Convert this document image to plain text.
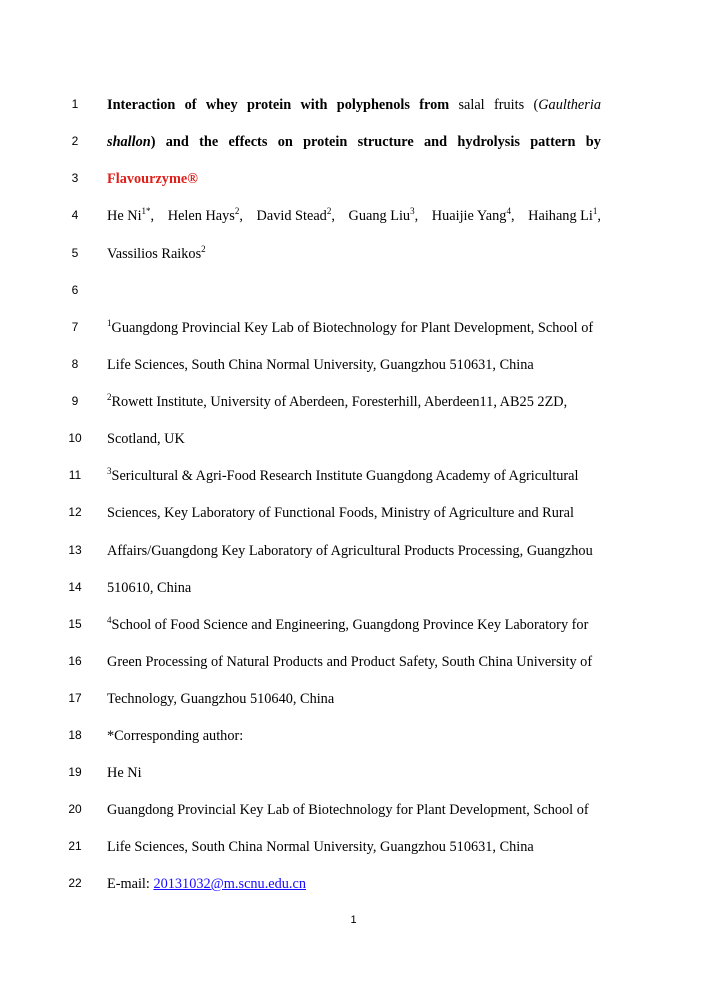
1	Interaction of whey protein with polyphenols from salal fruits (Gaultheria
2	shallon) and the effects on protein structure and hydrolysis pattern by
3	Flavourzyme®
4	He $Ni^{1*}$, Helen Hays$^2$, David Stead$^2$, Guang Liu$^3$, Huaijie Yang$^4$, Haihang Li$^1$,
5	Vassilios Raikos$^2$
6
7	$^1$Guangdong Provincial Key Lab of Biotechnology for Plant Development, School of
8	Life Sciences, South China Normal University, Guangzhou 510631, China
9	$^2$Rowett Institute, University of Aberdeen, Foresterhill, Aberdeen11, AB25 2ZD,
10	Scotland, UK
11	$^3$Sericultural & Agri-Food Research Institute Guangdong Academy of Agricultural
12	Sciences, Key Laboratory of Functional Foods, Ministry of Agriculture and Rural
13	Affairs/Guangdong Key Laboratory of Agricultural Products Processing, Guangzhou
14	510610, China
15	$^4$School of Food Science and Engineering, Guangdong Province Key Laboratory for
16	Green Processing of Natural Products and Product Safety, South China University of
17	Technology, Guangzhou 510640, China
18	*Corresponding author:
19	He Ni
20	Guangdong Provincial Key Lab of Biotechnology for Plant Development, School of
21	Life Sciences, South China Normal University, Guangzhou 510631, China
22	E-mail: 20131032@m.scnu.edu.cn
1
